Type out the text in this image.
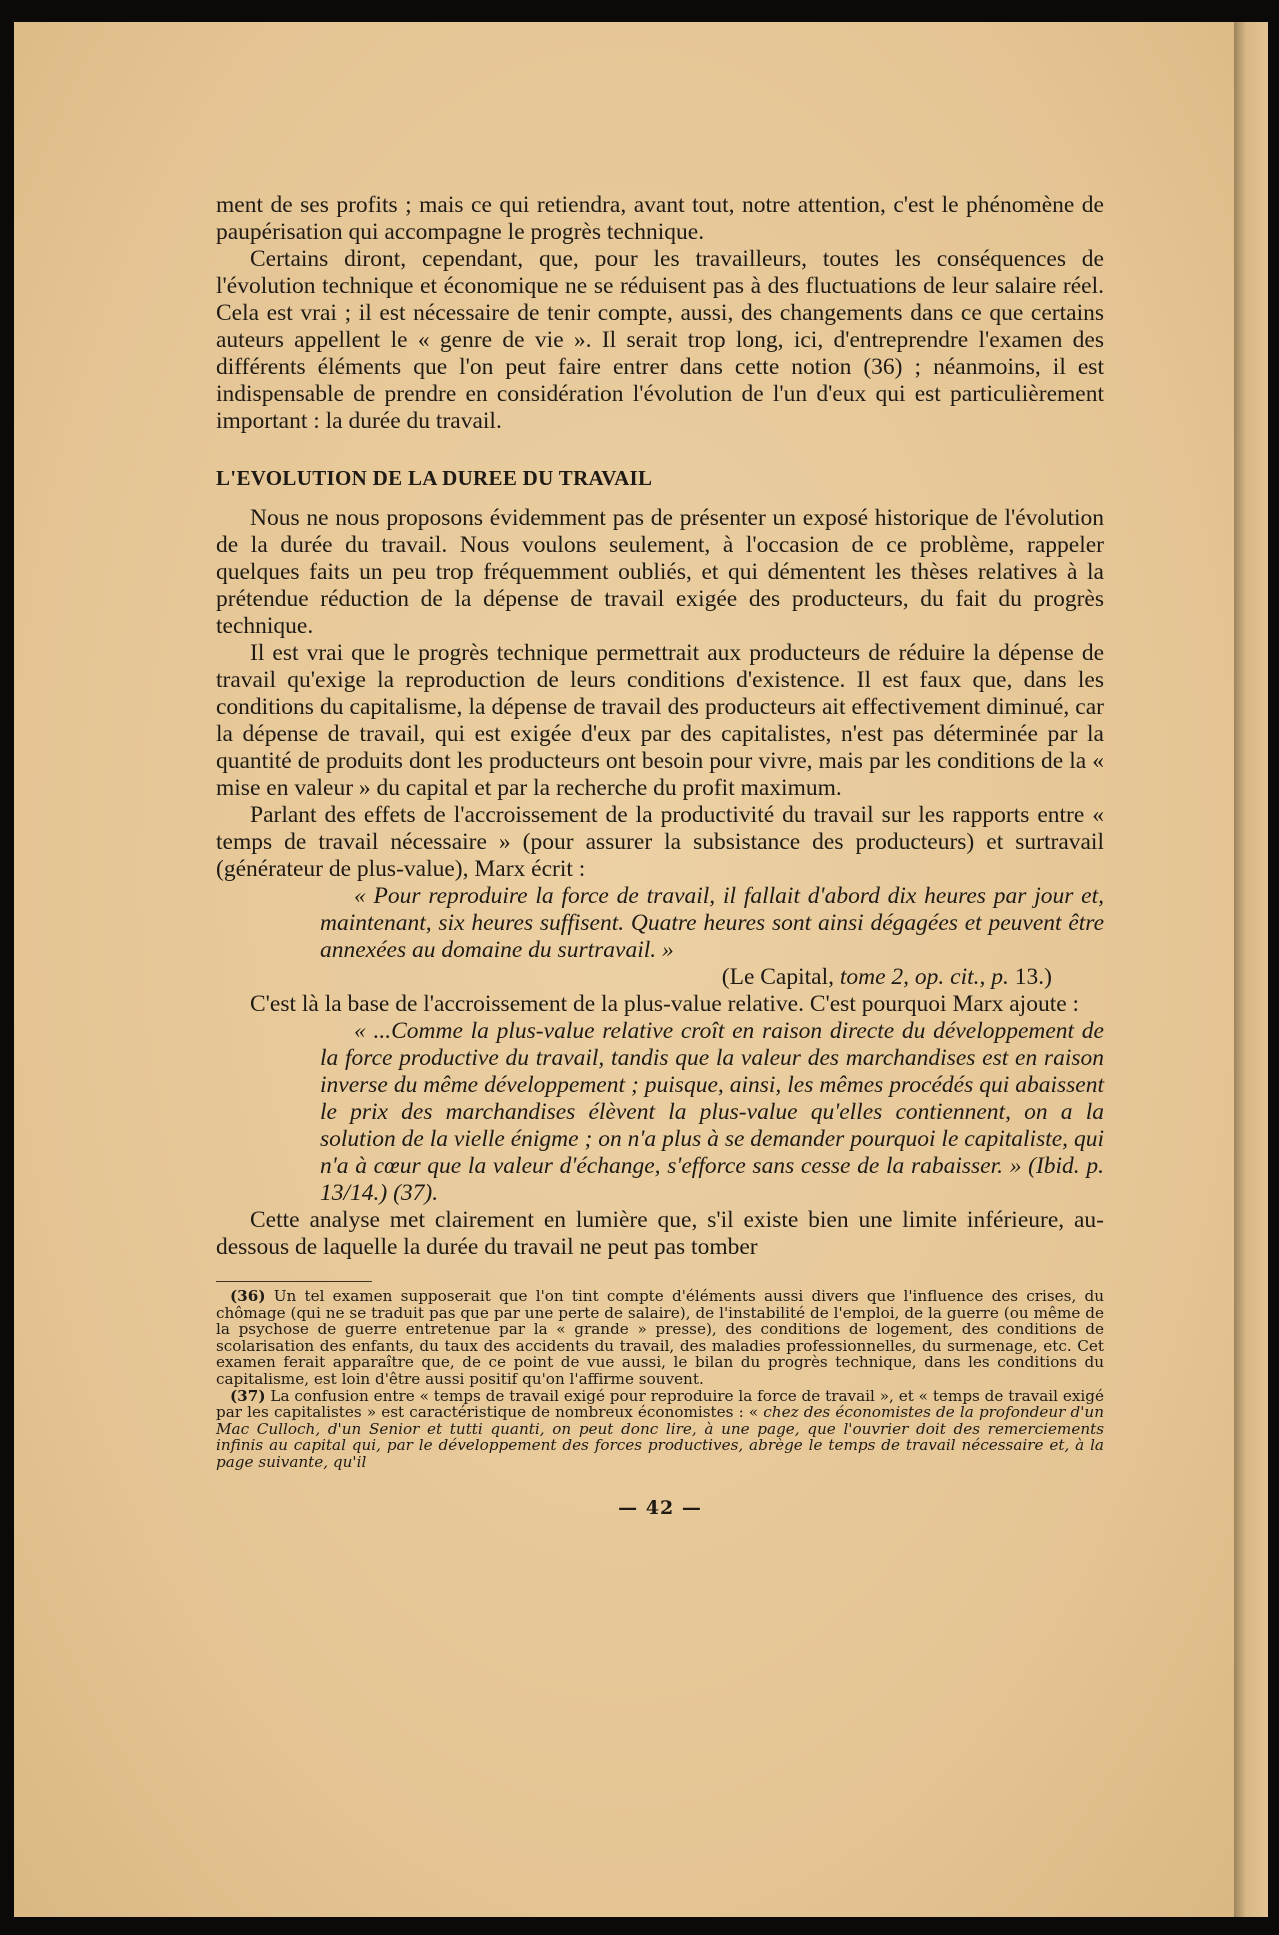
ment de ses profits ; mais ce qui retiendra, avant tout, notre attention, c'est le phénomène de paupérisation qui accompagne le progrès technique.

Certains diront, cependant, que, pour les travailleurs, toutes les conséquences de l'évolution technique et économique ne se réduisent pas à des fluctuations de leur salaire réel. Cela est vrai ; il est nécessaire de tenir compte, aussi, des changements dans ce que certains auteurs appellent le « genre de vie ». Il serait trop long, ici, d'entreprendre l'examen des différents éléments que l'on peut faire entrer dans cette notion (36) ; néanmoins, il est indispensable de prendre en considération l'évolution de l'un d'eux qui est particulièrement important : la durée du travail.

L'EVOLUTION DE LA DUREE DU TRAVAIL

Nous ne nous proposons évidemment pas de présenter un exposé historique de l'évolution de la durée du travail. Nous voulons seulement, à l'occasion de ce problème, rappeler quelques faits un peu trop fréquemment oubliés, et qui démentent les thèses relatives à la prétendue réduction de la dépense de travail exigée des producteurs, du fait du progrès technique.

Il est vrai que le progrès technique permettrait aux producteurs de réduire la dépense de travail qu'exige la reproduction de leurs conditions d'existence. Il est faux que, dans les conditions du capitalisme, la dépense de travail des producteurs ait effectivement diminué, car la dépense de travail, qui est exigée d'eux par des capitalistes, n'est pas déterminée par la quantité de produits dont les producteurs ont besoin pour vivre, mais par les conditions de la « mise en valeur » du capital et par la recherche du profit maximum.

Parlant des effets de l'accroissement de la productivité du travail sur les rapports entre « temps de travail nécessaire » (pour assurer la subsistance des producteurs) et surtravail (générateur de plus-value), Marx écrit :

« Pour reproduire la force de travail, il fallait d'abord dix heures par jour et, maintenant, six heures suffisent. Quatre heures sont ainsi dégagées et peuvent être annexées au domaine du surtravail. »

(Le Capital, tome 2, op. cit., p. 13.)

C'est là la base de l'accroissement de la plus-value relative. C'est pourquoi Marx ajoute :

« ...Comme la plus-value relative croît en raison directe du développement de la force productive du travail, tandis que la valeur des marchandises est en raison inverse du même développement ; puisque, ainsi, les mêmes procédés qui abaissent le prix des marchandises élèvent la plus-value qu'elles contiennent, on a la solution de la vielle énigme ; on n'a plus à se demander pourquoi le capitaliste, qui n'a à cœur que la valeur d'échange, s'efforce sans cesse de la rabaisser. » (Ibid. p. 13/14.) (37).

Cette analyse met clairement en lumière que, s'il existe bien une limite inférieure, au-dessous de laquelle la durée du travail ne peut pas tomber

(36) Un tel examen supposerait que l'on tint compte d'éléments aussi divers que l'influence des crises, du chômage (qui ne se traduit pas que par une perte de salaire), de l'instabilité de l'emploi, de la guerre (ou même de la psychose de guerre entretenue par la « grande » presse), des conditions de logement, des conditions de scolarisation des enfants, du taux des accidents du travail, des maladies professionnelles, du surmenage, etc. Cet examen ferait apparaître que, de ce point de vue aussi, le bilan du progrès technique, dans les conditions du capitalisme, est loin d'être aussi positif qu'on l'affirme souvent.

(37) La confusion entre « temps de travail exigé pour reproduire la force de travail », et « temps de travail exigé par les capitalistes » est caractéristique de nombreux économistes : « chez des économistes de la profondeur d'un Mac Culloch, d'un Senior et tutti quanti, on peut donc lire, à une page, que l'ouvrier doit des remerciements infinis au capital qui, par le développement des forces productives, abrège le temps de travail nécessaire et, à la page suivante, qu'il

— 42 —
